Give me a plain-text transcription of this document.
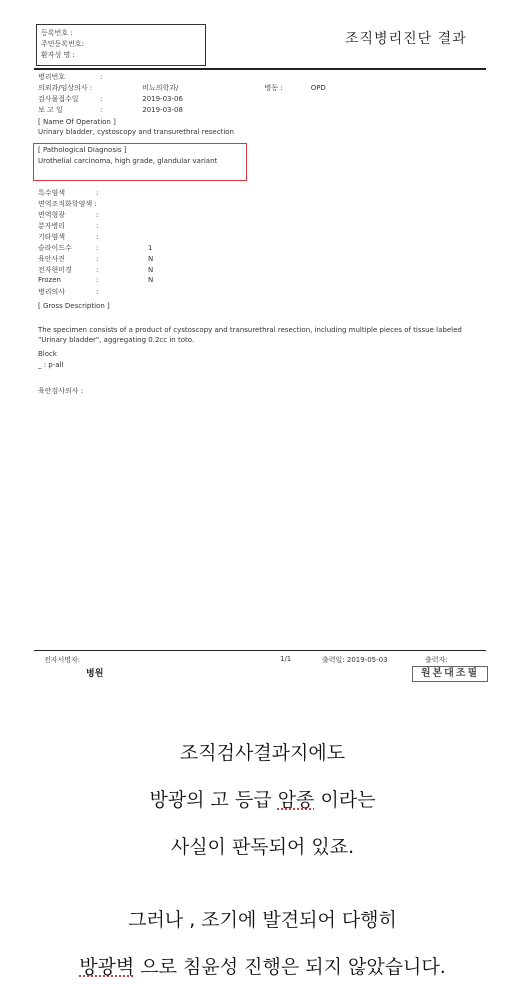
등록번호 :
주민등록번호:
환자성 명 :
조직병리진단 결과
병리번호	:
의뢰과/임상의사 :	비뇨의학과/	병동 :	OPD
검사물접수일	:	2019-03-06
보 고 일	:	2019-03-08
[ Name Of Operation ]
Urinary bladder, cystoscopy and transurethral resection
[ Pathological Diagnosis ]
Urothelial carcinoma, high grade, glandular variant
특수염색	:
면역조직화학염색 :
면역형광	:
분자병리	:
기타염색	:
슬라이드수	:	1
육안사진	:	N
전자현미경	:	N
Frozen	:	N
병리의사	:
[ Gross Description ]
The specimen consists of a product of cystoscopy and transurethral resection, including multiple pieces of tissue labeled "Urinary bladder", aggregating 0.2cc in toto.
Block
_ : p-all
육안검사의사 :
전자서명자:
병원
1/1	출력일: 2019-05-03	출력자:
원본대조필
조직검사결과지에도
방광의 고 등급 암종 이라는
사실이 판독되어 있죠.
그러나 , 조기에 발견되어 다행히
방광벽 으로 침윤성 진행은 되지 않았습니다.
